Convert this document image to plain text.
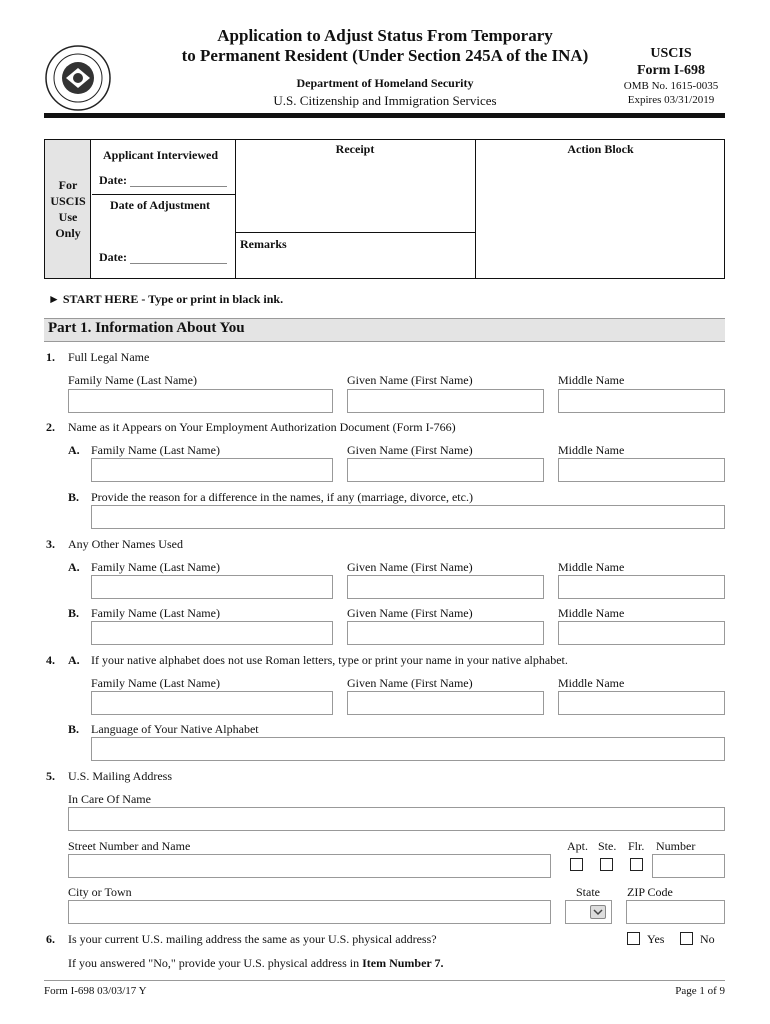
Application to Adjust Status From Temporary
to Permanent Resident (Under Section 245A of the INA)
Department of Homeland Security
U.S. Citizenship and Immigration Services
USCIS
Form I-698
OMB No. 1615-0035
Expires 03/31/2019
For
USCIS
Use
Only
Applicant Interviewed
Date:
Date of Adjustment
Date:
Receipt
Remarks
Action Block
► START HERE - Type or print in black ink.
Part 1. Information About You
1. Full Legal Name
Family Name (Last Name)	Given Name (First Name)	Middle Name
2. Name as it Appears on Your Employment Authorization Document (Form I-766)
A. Family Name (Last Name)	Given Name (First Name)	Middle Name
B. Provide the reason for a difference in the names, if any (marriage, divorce, etc.)
3. Any Other Names Used
A. Family Name (Last Name)	Given Name (First Name)	Middle Name
B. Family Name (Last Name)	Given Name (First Name)	Middle Name
4. A. If your native alphabet does not use Roman letters, type or print your name in your native alphabet.
Family Name (Last Name)	Given Name (First Name)	Middle Name
B. Language of Your Native Alphabet
5. U.S. Mailing Address
In Care Of Name
Street Number and Name	Apt. Ste. Flr. Number
City or Town	State ZIP Code
6. Is your current U.S. mailing address the same as your U.S. physical address?	Yes	No
If you answered "No," provide your U.S. physical address in Item Number 7.
Form I-698 03/03/17 Y	Page 1 of 9
